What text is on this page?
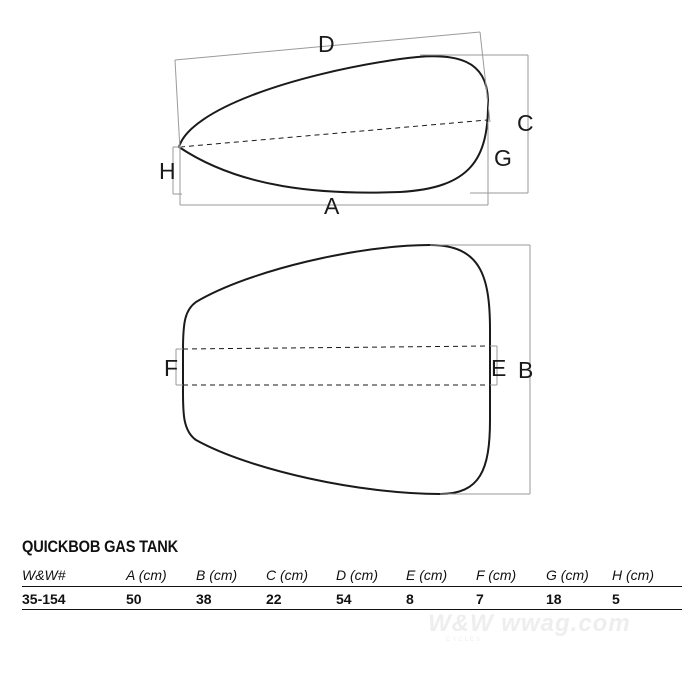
D
C
G
H
A
B
E
F
QUICKBOB GAS TANK
W&W#	A (cm)	B (cm)	C (cm)	D (cm)	E (cm)	F (cm)	G (cm)	H (cm)
35-154	50	38	22	54	8	7	18	5
W&W wwag.com
CYCLES
